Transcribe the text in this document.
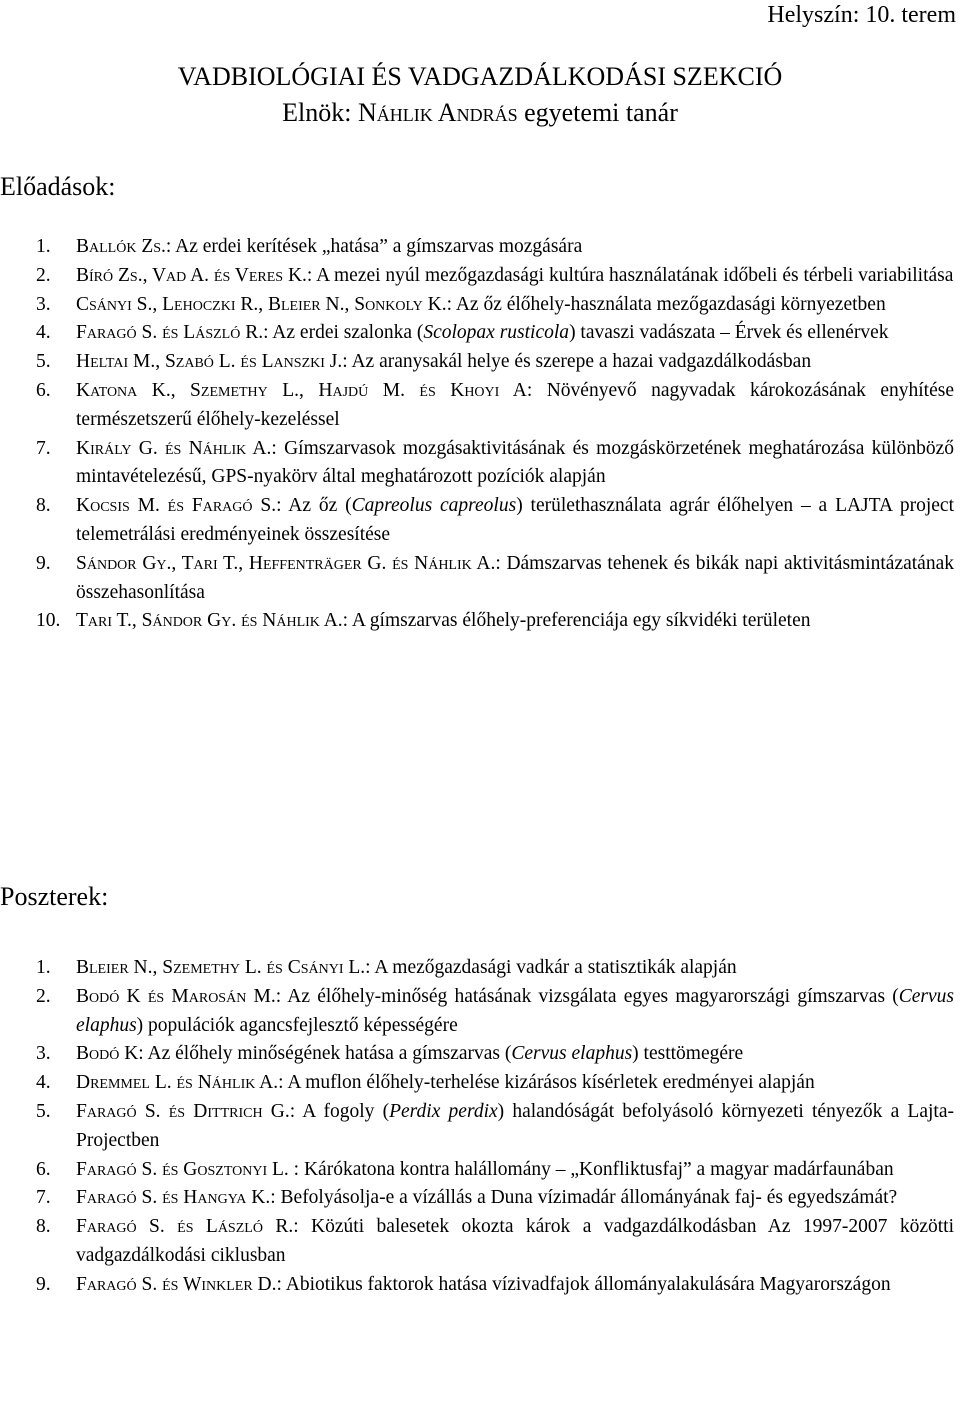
Helyszín: 10. terem
VADBIOLÓGIAI ÉS VADGAZDÁLKODÁSI SZEKCIÓ
Elnök: Náhlik András egyetemi tanár
Előadások:
1. Ballók Zs.: Az erdei kerítések „hatása” a gímszarvas mozgására
2. Bíró Zs., Vad A. és Veres K.: A mezei nyúl mezőgazdasági kultúra használatának időbeli és térbeli variabilitása
3. Csányi S., Lehoczki R., Bleier N., Sonkoly K.: Az őz élőhely-használata mezőgazdasági környezetben
4. Faragó S. és László R.: Az erdei szalonka (Scolopax rusticola) tavaszi vadászata – Érvek és ellenérvek
5. Heltai M., Szabó L. és Lanszki J.: Az aranysakál helye és szerepe a hazai vadgazdálkodásban
6. Katona K., Szemethy L., Hajdú M. és Khoyi A: Növényevő nagyvadak károkozásának enyhítése természetszerű élőhely-kezeléssel
7. Király G. és Náhlik A.: Gímszarvasok mozgásaktivitásának és mozgáskörzetének meghatározása különböző mintavételezésű, GPS-nyakörv által meghatározott pozíciók alapján
8. Kocsis M. és Faragó S.: Az őz (Capreolus capreolus) területhasználata agrár élőhelyen – a LAJTA project telemetrálási eredményeinek összesítése
9. Sándor Gy., Tari T., Heffenträger G. és Náhlik A.: Dámszarvas tehenek és bikák napi aktivitásmintázatának összehasonlítása
10. Tari T., Sándor Gy. és Náhlik A.: A gímszarvas élőhely-preferenciája egy síkvidéki területen
Poszterek:
1. Bleier N., Szemethy L. és Csányi L.: A mezőgazdasági vadkár a statisztikák alapján
2. Bodó K és Marosán M.: Az élőhely-minőség hatásának vizsgálata egyes magyarországi gímszarvas (Cervus elaphus) populációk agancsfejlesztő képességére
3. Bodó K: Az élőhely minőségének hatása a gímszarvas (Cervus elaphus) testtömegére
4. Dremmel L. és Náhlik A.: A muflon élőhely-terhelése kizárásos kísérletek eredményei alapján
5. Faragó S. és Dittrich G.: A fogoly (Perdix perdix) halandóságát befolyásoló környezeti tényezők a Lajta-Projectben
6. Faragó S. és Gosztonyi L. : Kárókatona kontra halállomány – „Konfliktusfaj” a magyar madárfaunában
7. Faragó S. és Hangya K.: Befolyásolja-e a vízállás a Duna vízimadár állományának faj- és egyedszámát?
8. Faragó S. és László R.: Közúti balesetek okozta károk a vadgazdálkodásban Az 1997-2007 közötti vadgazdálkodási ciklusban
9. Faragó S. és Winkler D.: Abiotikus faktorok hatása vízivadfajok állományalakulására Magyarországon
